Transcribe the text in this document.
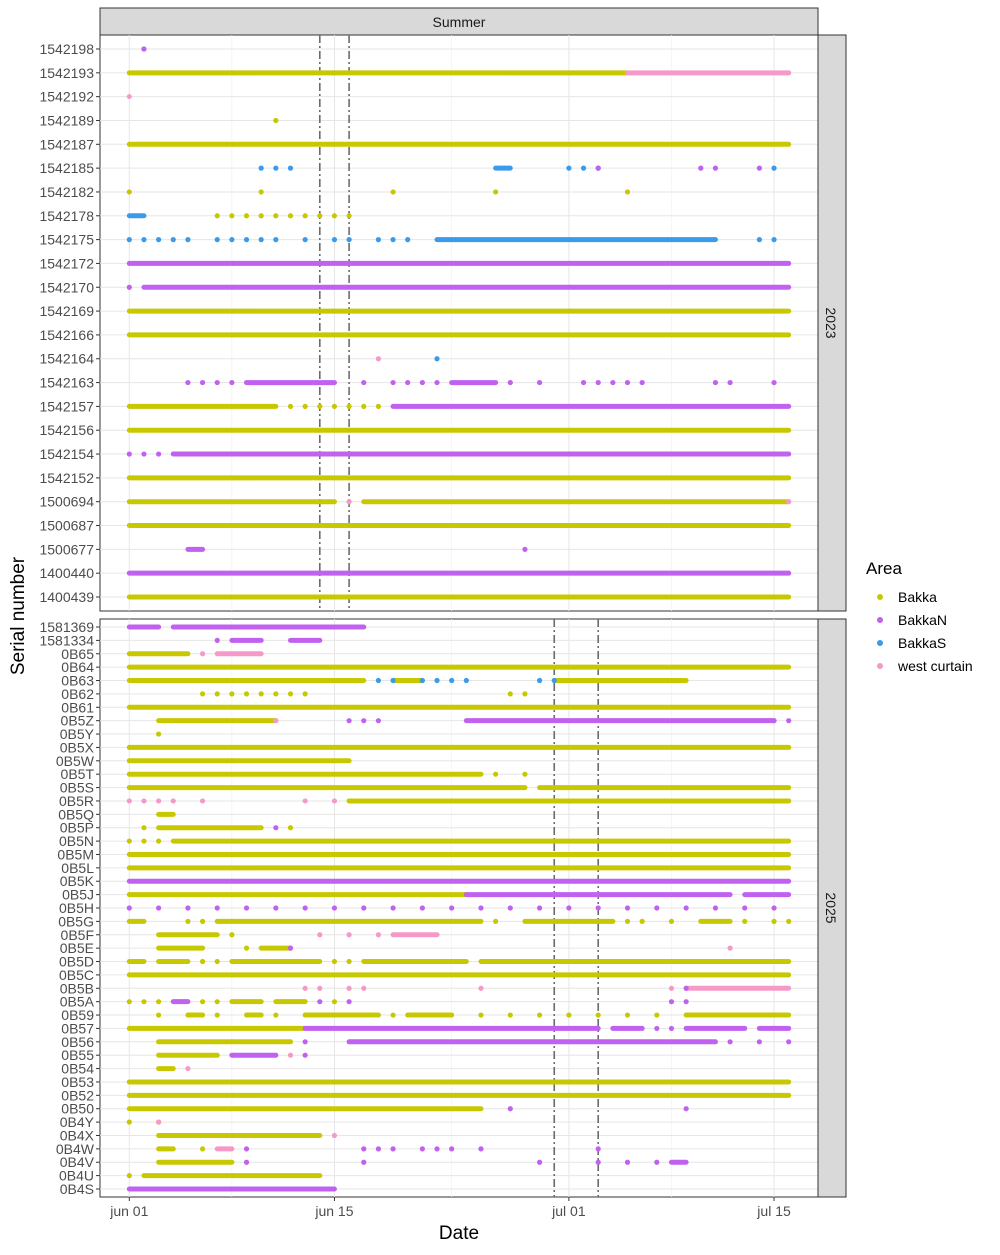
Summer
1542198
1542193
1542192
1542189
1542187
1542185
1542182
1542178
1542175
1542172
1542170
1542169
1542166
1542164
1542163
1542157
1542156
1542154
1542152
1500694
1500687
1500677
1400440
1400439
2023
1581369
1581334
0B65
0B64
0B63
0B62
0B61
0B5Z
0B5Y
0B5X
0B5W
0B5T
0B5S
0B5R
0B5Q
0B5P
0B5N
0B5M
0B5L
0B5K
0B5J
0B5H
0B5G
0B5F
0B5E
0B5D
0B5C
0B5B
0B5A
0B59
0B57
0B56
0B55
0B54
0B53
0B52
0B50
0B4Y
0B4X
0B4W
0B4V
0B4U
0B4S
2025
jun 01	jun 15	jul 01	jul 15
Date
Serial number	Area
Bakka
BakkaN
BakkaS
west curtain
